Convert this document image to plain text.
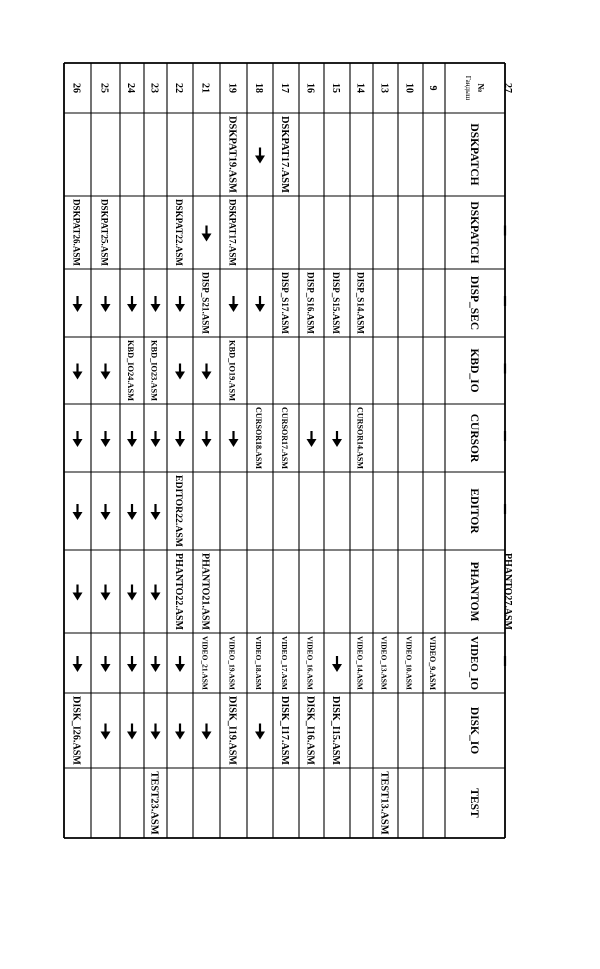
№
Гандыш
DSKPATCH
DSKPATCH
DISP_SEC
KBD_IO
CURSOR
EDITOR
PHANTOM
VIDEO_IO
DISK_IO
TEST
9
VIDEO_9.ASM
10
VIDEO_10.ASM
13
VIDEO_13.ASM
TEST13.ASM
14
DISP_S14.ASM
CURSOR14.ASM
VIDEO_14.ASM
15
DISP_S15.ASM
DISK_I15.ASM
16
DISP_S16.ASM
VIDEO_16.ASM
DISK_I16.ASM
17
DSKPAT17.ASM
DISP_S17.ASM
CURSOR17.ASM
VIDEO_17.ASM
DISK_I17.ASM
18
CURSOR18.ASM
VIDEO_18.ASM
19
DSKPAT19.ASM
DSKPAT17.ASM
KBD_IO19.ASM
VIDEO_19.ASM
DISK_I19.ASM
21
DISP_S21.ASM
PHANTO21.ASM
VIDEO_21.ASM
22
DSKPAT22.ASM
EDITOR22.ASM
PHANTO22.ASM
23
KBD_IO23.ASM
TEST23.ASM
24
KBD_IO24.ASM
25
DSKPAT25.ASM
26
DSKPAT26.ASM
DISK_I26.ASM
27
PHANTO27.ASM
